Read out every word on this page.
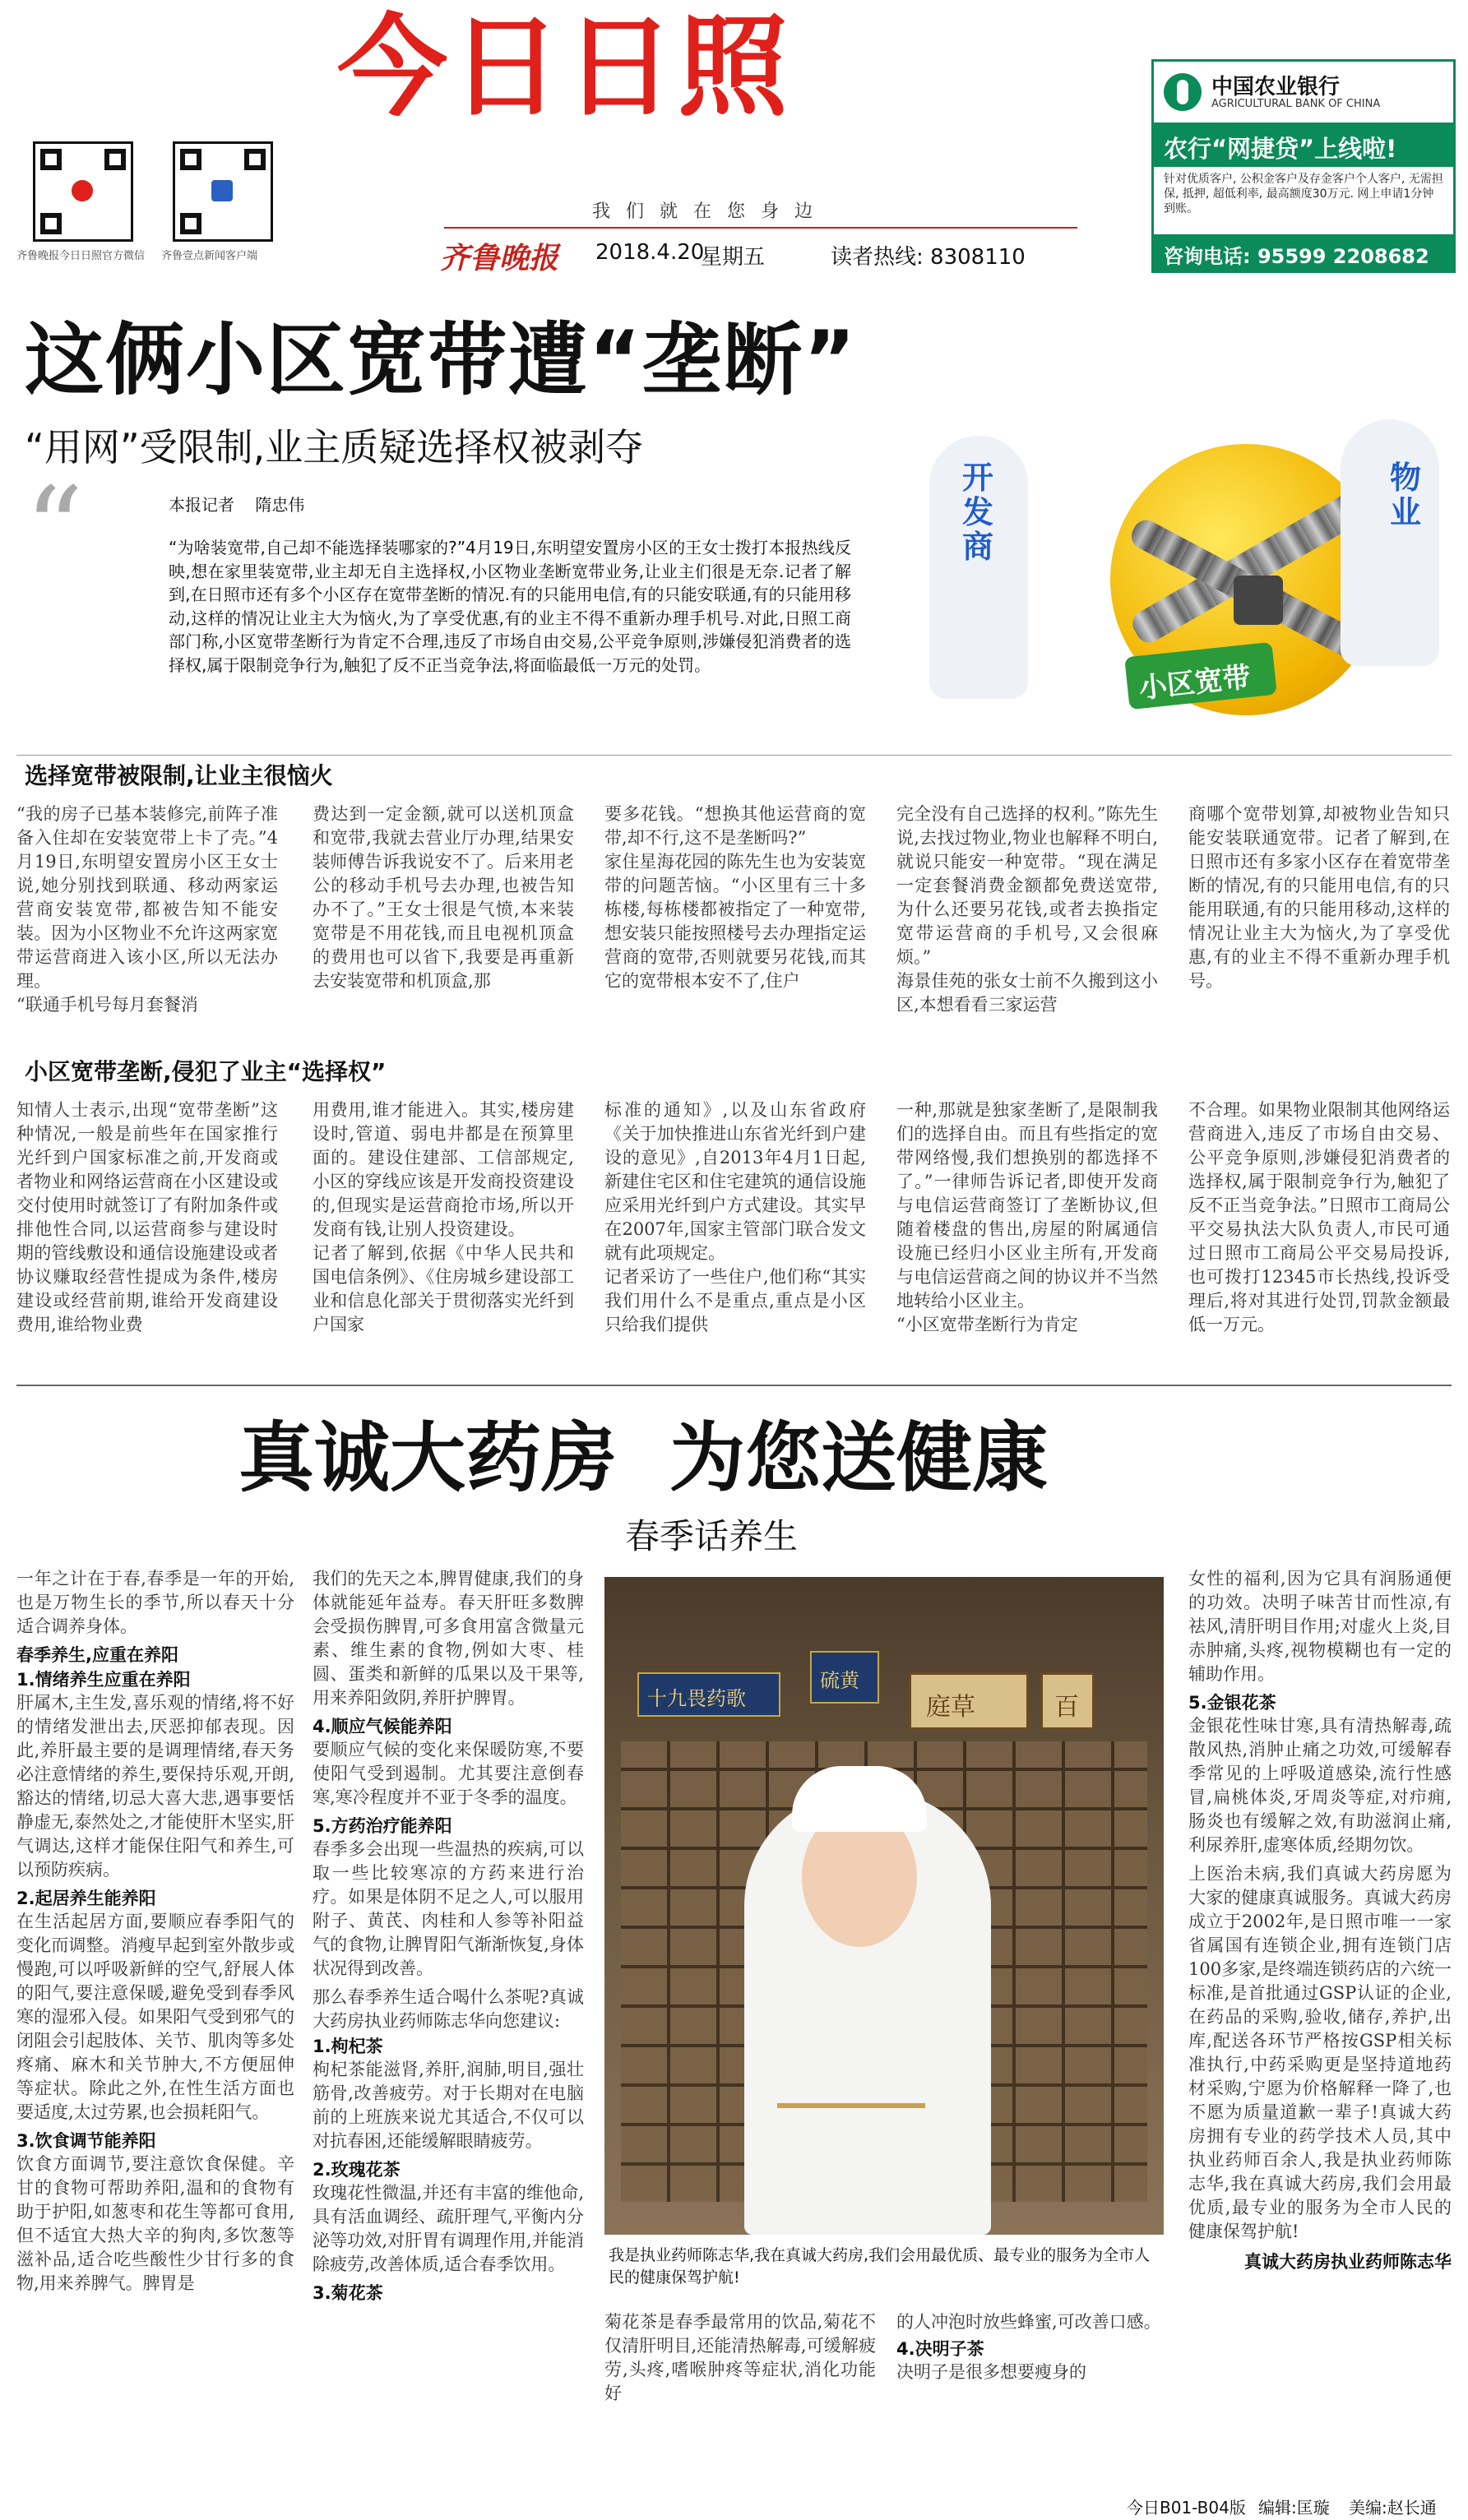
今日日照
齐鲁晚报今日日照官方微信	齐鲁壹点新闻客户端
我 们 就 在 您 身 边
齐鲁晚报 2018.4.20
星期五	读者热线: 8308110
中国农业银行
AGRICULTURAL BANK OF CHINA
农行“网捷贷”上线啦!
针对优质客户, 公积金客户及存金客户个人客户, 无需担保, 抵押, 超低利率, 最高额度30万元. 网上申请1分钟到账。
咨询电话: 95599 2208682
这俩小区宽带遭“垄断”
“用网”受限制,业主质疑选择权被剥夺
“	本报记者    隋忠伟
“为啥装宽带,自己却不能选择装哪家的?”4月19日,东明望安置房小区的王女士拨打本报热线反映,想在家里装宽带,业主却无自主选择权,小区物业垄断宽带业务,让业主们很是无奈.记者了解到,在日照市还有多个小区存在宽带垄断的情况.有的只能用电信,有的只能安联通,有的只能用移动,这样的情况让业主大为恼火,为了享受优惠,有的业主不得不重新办理手机号.对此,日照工商部门称,小区宽带垄断行为肯定不合理,违反了市场自由交易,公平竞争原则,涉嫌侵犯消费者的选择权,属于限制竞争行为,触犯了反不正当竞争法,将面临最低一万元的处罚。
开发商
物业
小区宽带
选择宽带被限制,让业主很恼火
“我的房子已基本装修完,前阵子准备入住却在安装宽带上卡了壳。”4月19日,东明望安置房小区王女士说,她分别找到联通、移动两家运营商安装宽带,都被告知不能安装。因为小区物业不允许这两家宽带运营商进入该小区,所以无法办理。
“联通手机号每月套餐消
费达到一定金额,就可以送机顶盒和宽带,我就去营业厅办理,结果安装师傅告诉我说安不了。后来用老公的移动手机号去办理,也被告知办不了。”王女士很是气愤,本来装宽带是不用花钱,而且电视机顶盒的费用也可以省下,我要是再重新去安装宽带和机顶盒,那
要多花钱。“想换其他运营商的宽带,却不行,这不是垄断吗?”
家住星海花园的陈先生也为安装宽带的问题苦恼。“小区里有三十多栋楼,每栋楼都被指定了一种宽带,想安装只能按照楼号去办理指定运营商的宽带,否则就要另花钱,而其它的宽带根本安不了,住户
完全没有自己选择的权利。”陈先生说,去找过物业,物业也解释不明白,就说只能安一种宽带。“现在满足一定套餐消费金额都免费送宽带,为什么还要另花钱,或者去换指定宽带运营商的手机号,又会很麻烦。”
海景佳苑的张女士前不久搬到这小区,本想看看三家运营
商哪个宽带划算,却被物业告知只能安装联通宽带。记者了解到,在日照市还有多家小区存在着宽带垄断的情况,有的只能用电信,有的只能用联通,有的只能用移动,这样的情况让业主大为恼火,为了享受优惠,有的业主不得不重新办理手机号。
小区宽带垄断,侵犯了业主“选择权”
知情人士表示,出现“宽带垄断”这种情况,一般是前些年在国家推行光纤到户国家标准之前,开发商或者物业和网络运营商在小区建设或交付使用时就签订了有附加条件或排他性合同,以运营商参与建设时期的管线敷设和通信设施建设或者协议赚取经营性提成为条件,楼房建设或经营前期,谁给开发商建设费用,谁给物业费
用费用,谁才能进入。其实,楼房建设时,管道、弱电井都是在预算里面的。建设住建部、工信部规定,小区的穿线应该是开发商投资建设的,但现实是运营商抢市场,所以开发商有钱,让别人投资建设。
记者了解到,依据《中华人民共和国电信条例》、《住房城乡建设部工业和信息化部关于贯彻落实光纤到户国家
标准的通知》,以及山东省政府《关于加快推进山东省光纤到户建设的意见》,自2013年4月1日起,新建住宅区和住宅建筑的通信设施应采用光纤到户方式建设。其实早在2007年,国家主管部门联合发文就有此项规定。
记者采访了一些住户,他们称“其实我们用什么不是重点,重点是小区只给我们提供
一种,那就是独家垄断了,是限制我们的选择自由。而且有些指定的宽带网络慢,我们想换别的都选择不了。”一律师告诉记者,即使开发商与电信运营商签订了垄断协议,但随着楼盘的售出,房屋的附属通信设施已经归小区业主所有,开发商与电信运营商之间的协议并不当然地转给小区业主。
“小区宽带垄断行为肯定
不合理。如果物业限制其他网络运营商进入,违反了市场自由交易、公平竞争原则,涉嫌侵犯消费者的选择权,属于限制竞争行为,触犯了反不正当竞争法。”日照市工商局公平交易执法大队负责人,市民可通过日照市工商局公平交易局投诉,也可拨打12345市长热线,投诉受理后,将对其进行处罚,罚款金额最低一万元。
真诚大药房  为您送健康
春季话养生
一年之计在于春,春季是一年的开始,也是万物生长的季节,所以春天十分适合调养身体。
春季养生,应重在养阳
1.情绪养生应重在养阳
肝属木,主生发,喜乐观的情绪,将不好的情绪发泄出去,厌恶抑郁表现。因此,养肝最主要的是调理情绪,春天务必注意情绪的养生,要保持乐观,开朗,豁达的情绪,切忌大喜大悲,遇事要恬静虚无,泰然处之,才能使肝木坚实,肝气调达,这样才能保住阳气和养生,可以预防疾病。
2.起居养生能养阳
在生活起居方面,要顺应春季阳气的变化而调整。消瘦早起到室外散步或慢跑,可以呼吸新鲜的空气,舒展人体的阳气,要注意保暖,避免受到春季风寒的湿邪入侵。如果阳气受到邪气的闭阻会引起肢体、关节、肌肉等多处疼痛、麻木和关节肿大,不方便屈伸等症状。除此之外,在性生活方面也要适度,太过劳累,也会损耗阳气。
3.饮食调节能养阳
饮食方面调节,要注意饮食保健。辛甘的食物可帮助养阳,温和的食物有助于护阳,如葱枣和花生等都可食用,但不适宜大热大辛的狗肉,多饮葱等滋补品,适合吃些酸性少甘行多的食物,用来养脾气。脾胃是
我们的先天之本,脾胃健康,我们的身体就能延年益寿。春天肝旺多数脾会受损伤脾胃,可多食用富含微量元素、维生素的食物,例如大枣、桂圆、蛋类和新鲜的瓜果以及干果等,用来养阳敛阴,养肝护脾胃。
4.顺应气候能养阳
要顺应气候的变化来保暖防寒,不要使阳气受到遏制。尤其要注意倒春寒,寒冷程度并不亚于冬季的温度。
5.方药治疗能养阳
春季多会出现一些温热的疾病,可以取一些比较寒凉的方药来进行治疗。如果是体阴不足之人,可以服用附子、黄芪、肉桂和人参等补阳益气的食物,让脾胃阳气渐渐恢复,身体状况得到改善。
那么春季养生适合喝什么茶呢?真诚大药房执业药师陈志华向您建议:
1.枸杞茶
枸杞茶能滋肾,养肝,润肺,明目,强壮筋骨,改善疲劳。对于长期对在电脑前的上班族来说尤其适合,不仅可以对抗春困,还能缓解眼睛疲劳。
2.玫瑰花茶
玫瑰花性微温,并还有丰富的维他命,具有活血调经、疏肝理气,平衡内分泌等功效,对肝胃有调理作用,并能消除疲劳,改善体质,适合春季饮用。
3.菊花茶
十九畏药歌
硫黄
庭草	百
我是执业药师陈志华,我在真诚大药房,我们会用最优质、最专业的服务为全市人民的健康保驾护航!
菊花茶是春季最常用的饮品,菊花不仅清肝明目,还能清热解毒,可缓解疲劳,头疼,嗜喉肿疼等症状,消化功能好
的人冲泡时放些蜂蜜,可改善口感。
4.决明子茶
决明子是很多想要瘦身的
女性的福利,因为它具有润肠通便的功效。决明子味苦甘而性凉,有祛风,清肝明目作用;对虚火上炎,目赤肿痛,头疼,视物模糊也有一定的辅助作用。
5.金银花茶
金银花性味甘寒,具有清热解毒,疏散风热,消肿止痛之功效,可缓解春季常见的上呼吸道感染,流行性感冒,扁桃体炎,牙周炎等症,对疖痈,肠炎也有缓解之效,有助滋润止痛,利尿养肝,虚寒体质,经期勿饮。
上医治未病,我们真诚大药房愿为大家的健康真诚服务。真诚大药房成立于2002年,是日照市唯一一家省属国有连锁企业,拥有连锁门店100多家,是终端连锁药店的六统一标准,是首批通过GSP认证的企业,在药品的采购,验收,储存,养护,出库,配送各环节严格按GSP相关标准执行,中药采购更是坚持道地药材采购,宁愿为价格解释一降了,也不愿为质量道歉一辈子!真诚大药房拥有专业的药学技术人员,其中执业药师百余人,我是执业药师陈志华,我在真诚大药房,我们会用最优质,最专业的服务为全市人民的健康保驾护航!
真诚大药房执业药师陈志华
今日B01-B04版 编辑:匡璇 美编:赵长通
